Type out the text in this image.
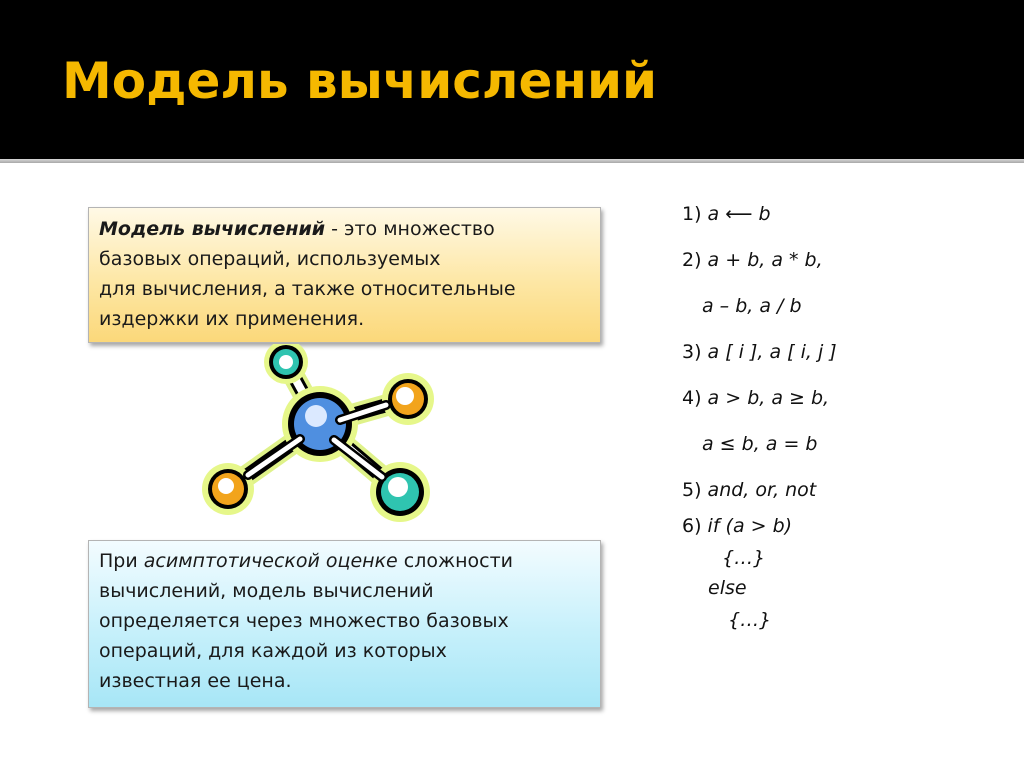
Модель вычислений
Модель вычислений - это множество
базовых операций, используемых
для вычисления, а также относительные
издержки их применения.
При асимптотической оценке сложности
вычислений, модель вычислений
определяется через множество базовых
операций, для каждой из которых
известная ее цена.
1) a ⟵ b
2) a + b, a * b,
a – b, a / b
3) a [ i ], a [ i, j ]
4) a > b, a ≥ b,
a ≤ b, a = b
5) and, or, not
6) if (a > b)
{…}
else
{…}
